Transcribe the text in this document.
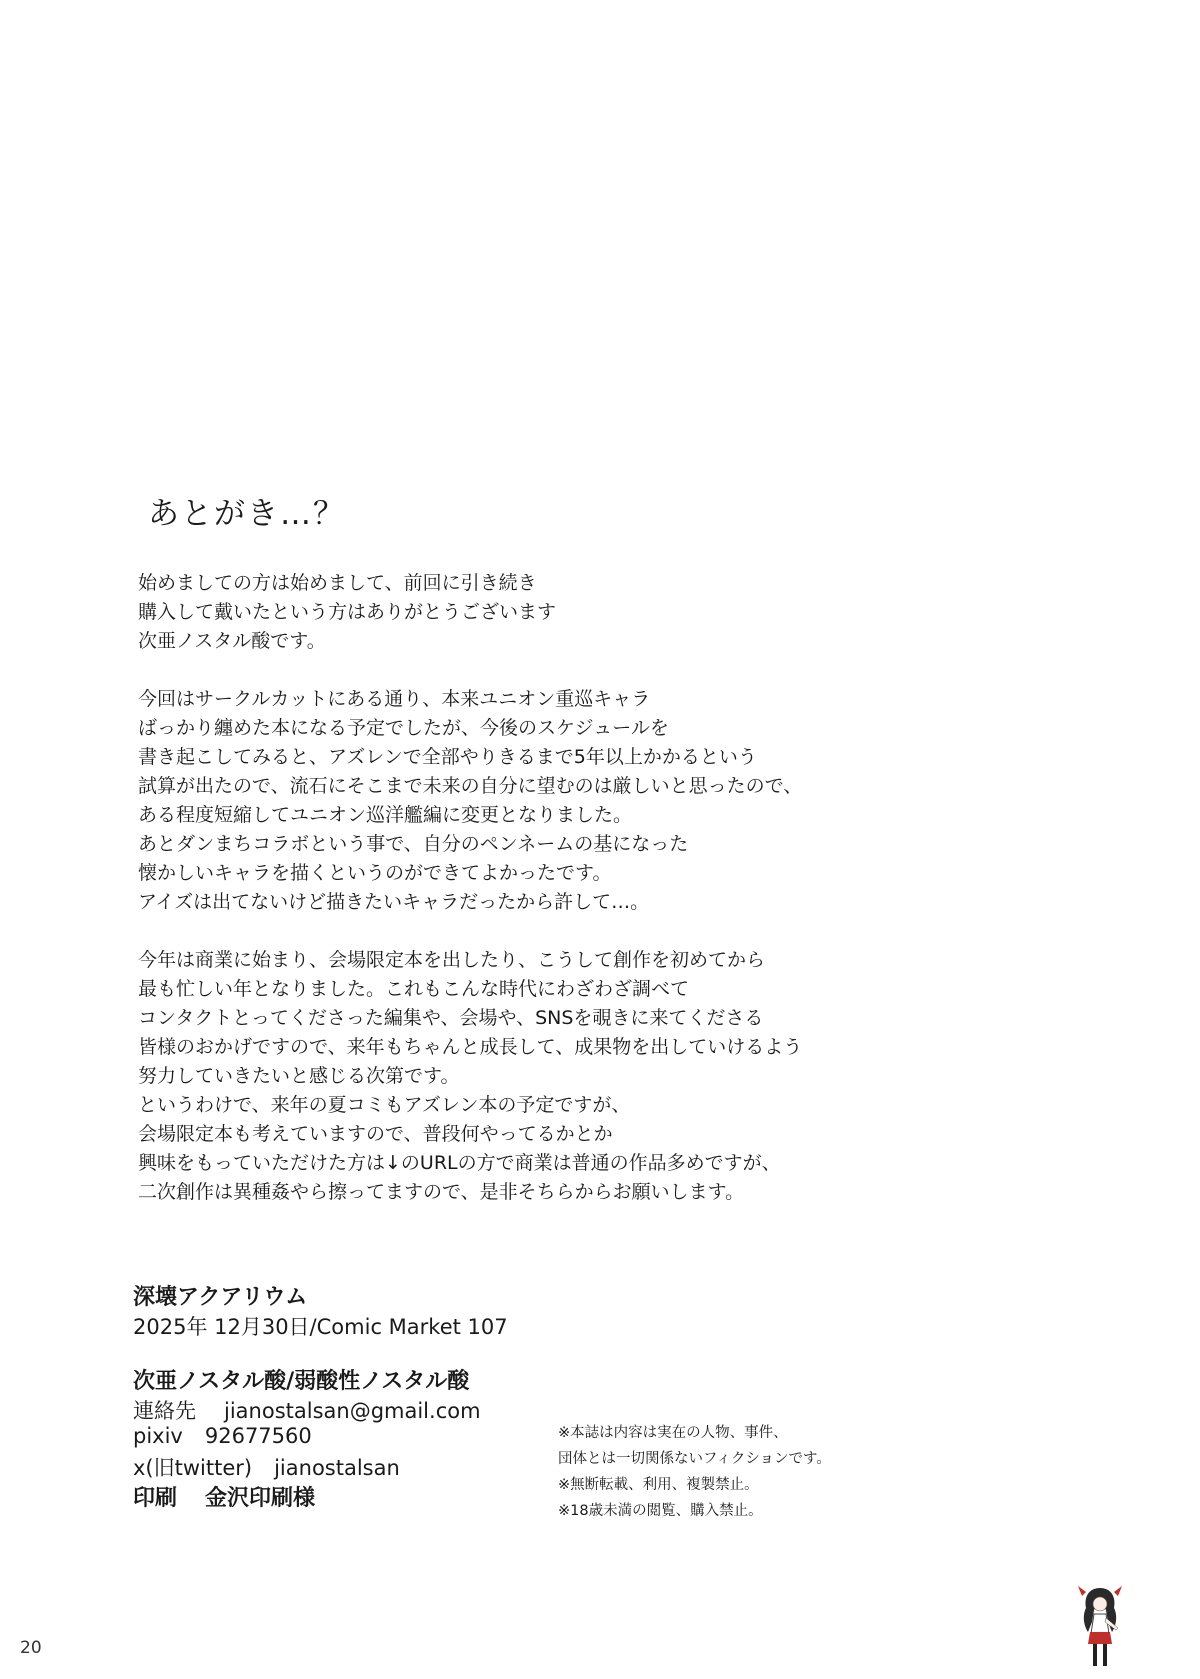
あとがき…？
始めましての方は始めまして、前回に引き続き
購入して戴いたという方はありがとうございます
次亜ノスタル酸です。
今回はサークルカットにある通り、本来ユニオン重巡キャラ
ばっかり纏めた本になる予定でしたが、今後のスケジュールを
書き起こしてみると、アズレンで全部やりきるまで5年以上かかるという
試算が出たので、流石にそこまで未来の自分に望むのは厳しいと思ったので、
ある程度短縮してユニオン巡洋艦編に変更となりました。
あとダンまちコラボという事で、自分のペンネームの基になった
懐かしいキャラを描くというのができてよかったです。
アイズは出てないけど描きたいキャラだったから許して…。
今年は商業に始まり、会場限定本を出したり、こうして創作を初めてから
最も忙しい年となりました。これもこんな時代にわざわざ調べて
コンタクトとってくださった編集や、会場や、SNSを覗きに来てくださる
皆様のおかげですので、来年もちゃんと成長して、成果物を出していけるよう
努力していきたいと感じる次第です。
というわけで、来年の夏コミもアズレン本の予定ですが、
会場限定本も考えていますので、普段何やってるかとか
興味をもっていただけた方は↓のURLの方で商業は普通の作品多めですが、
二次創作は異種姦やら擦ってますので、是非そちらからお願いします。
深壊アクアリウム
2025年 12月30日/Comic Market 107
次亜ノスタル酸/弱酸性ノスタル酸
連絡先 jianostalsan@gmail.com
pixiv 92677560
x(旧twitter) jianostalsan
印刷 金沢印刷様
※本誌は内容は実在の人物、事件、
団体とは一切関係ないフィクションです。
※無断転載、利用、複製禁止。
※18歳未満の閲覧、購入禁止。
20
